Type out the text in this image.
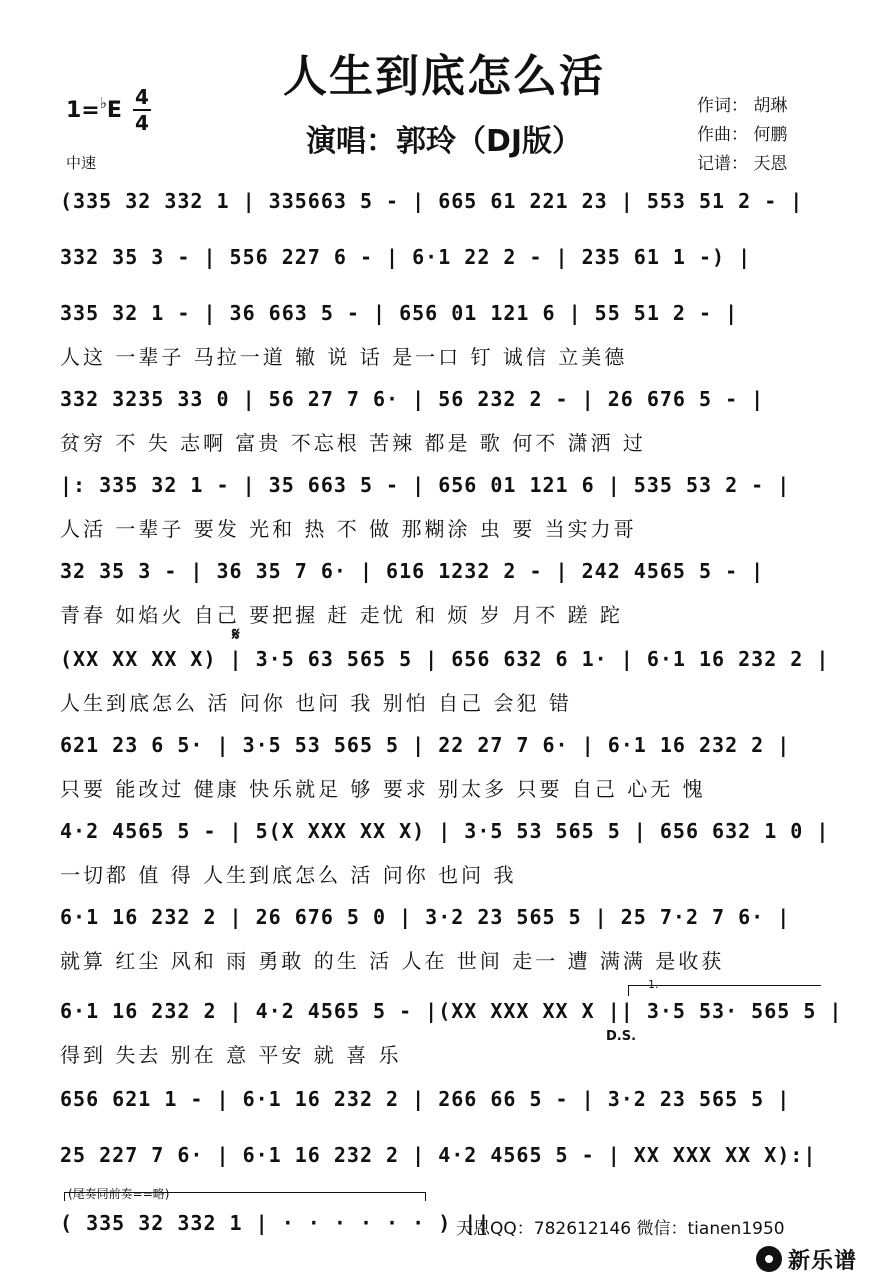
人生到底怎么活
演唱：郭玲（DJ版）
1=♭E
4
4
中速
作词： 胡琳
作曲： 何鹏
记谱： 天恩
(335 32 332 1 | 335663 5 - | 665 61 221 23 | 553 51 2 - |
332 35 3 - | 556 227 6 - | 6·1 22 2 - | 235 61 1 -) |
335 32 1 - | 36 663 5 - | 656 01 121 6 | 55 51 2 - |
人这 一辈子 马拉一道 辙 说 话 是一口 钉 诚信 立美德
332 3235 33 0 | 56 27 7 6· | 56 232 2 - | 26 676 5 - |
贫穷 不 失 志啊 富贵 不忘根 苦辣 都是 歌 何不 潇洒 过
|: 335 32 1 - | 35 663 5 - | 656 01 121 6 | 535 53 2 - |
人活 一辈子 要发 光和 热 不 做 那糊涂 虫 要 当实力哥
32 35 3 - | 36 35 7 6· | 616 1232 2 - | 242 4565 5 - |
青春 如焰火 自己 要把握 赶 走忧 和 烦 岁 月不 蹉 跎
𝄋
(XX XX XX X) | 3·5 63 565 5 | 656 632 6 1· | 6·1 16 232 2 |
人生到底怎么 活 问你 也问 我 别怕 自己 会犯 错
621 23 6 5· | 3·5 53 565 5 | 22 27 7 6· | 6·1 16 232 2 |
只要 能改过 健康 快乐就足 够 要求 别太多 只要 自己 心无 愧
4·2 4565 5 - | 5(X XXX XX X) | 3·5 53 565 5 | 656 632 1 0 |
一切都 值 得 人生到底怎么 活 问你 也问 我
6·1 16 232 2 | 26 676 5 0 | 3·2 23 565 5 | 25 7·2 7 6· |
就算 红尘 风和 雨 勇敢 的生 活 人在 世间 走一 遭 满满 是收获
1.
6·1 16 232 2 | 4·2 4565 5 - |(XX XXX XX X || 3·5 53· 565 5 |
得到 失去 别在 意 平安 就 喜 乐
D.S.
656 621 1 - | 6·1 16 232 2 | 266 66 5 - | 3·2 23 565 5 |
25 227 7 6· | 6·1 16 232 2 | 4·2 4565 5 - | XX XXX XX X):|
(尾奏同前奏==略)
( 335 32 332 1 | · · · · · · ) ||
天恩QQ：782612146 微信：tianen1950
新乐谱
